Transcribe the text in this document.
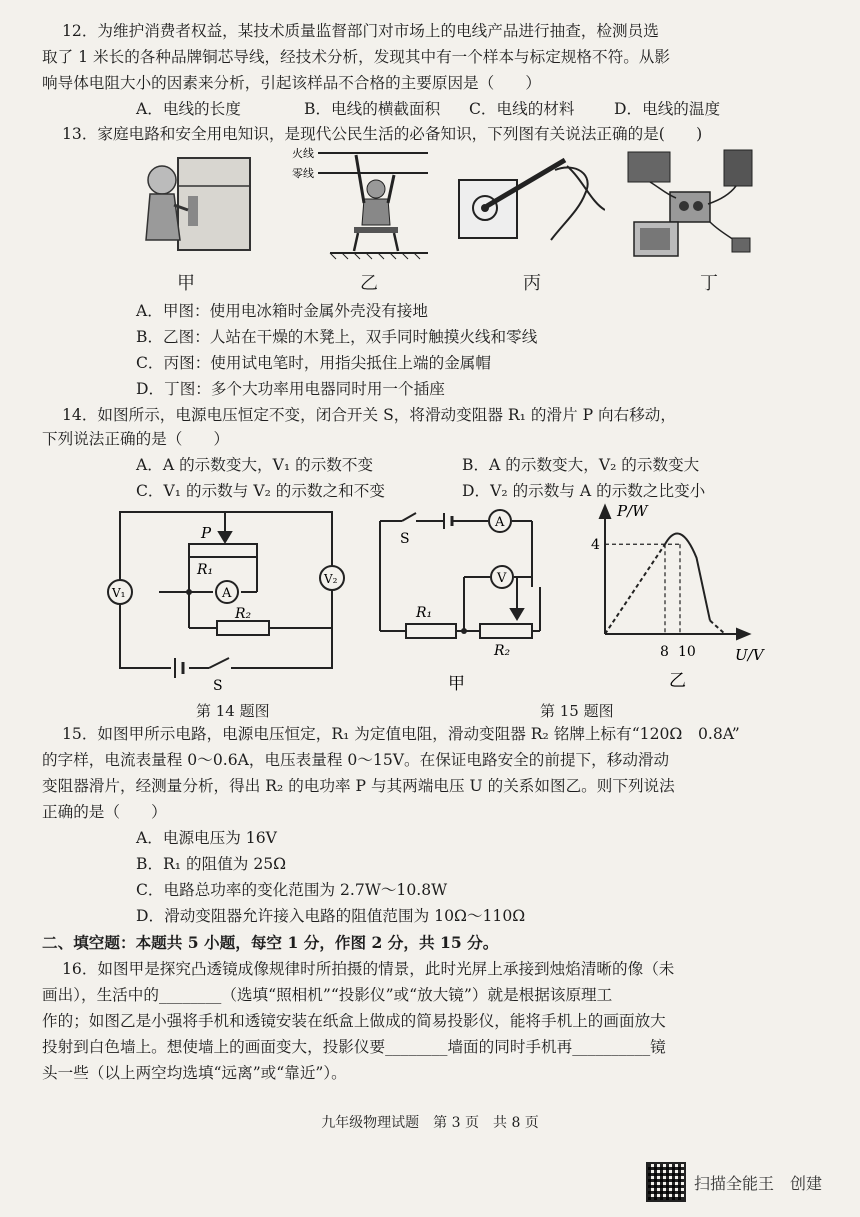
12．为维护消费者权益，某技术质量监督部门对市场上的电线产品进行抽查，检测员选
取了 1 米长的各种品牌铜芯导线，经技术分析，发现其中有一个样本与标定规格不符。从影
响导体电阻大小的因素来分析，引起该样品不合格的主要原因是（　　）
A．电线的长度	B．电线的横截面积 C．电线的材料	D．电线的温度
13．家庭电路和安全用电知识，是现代公民生活的必备知识，下列图有关说法正确的是(　　)
甲
火线
零线
乙	丙	丁
A．甲图：使用电冰箱时金属外壳没有接地
B．乙图：人站在干燥的木凳上，双手同时触摸火线和零线
C．丙图：使用试电笔时，用指尖抵住上端的金属帽
D．丁图：多个大功率用电器同时用一个插座
14．如图所示，电源电压恒定不变，闭合开关 S，将滑动变阻器 R₁ 的滑片 P 向右移动，
下列说法正确的是（　　）
A．A 的示数变大，V₁ 的示数不变	B．A 的示数变大，V₂ 的示数变大
C．V₁ 的示数与 V₂ 的示数之和不变	D．V₂ 的示数与 A 的示数之比变小
A
V₁
V₂
P
R₁
R₂
S
A
V
S
R₁
R₂
甲
P/W
U/V
4
8 10
乙
第 14 题图	第 15 题图
15．如图甲所示电路，电源电压恒定，R₁ 为定值电阻，滑动变阻器 R₂ 铭牌上标有“120Ω　0.8A”
的字样，电流表量程 0～0.6A，电压表量程 0～15V。在保证电路安全的前提下，移动滑动
变阻器滑片，经测量分析，得出 R₂ 的电功率 P 与其两端电压 U 的关系如图乙。则下列说法
正确的是（　　）
A．电源电压为 16V
B．R₁ 的阻值为 25Ω
C．电路总功率的变化范围为 2.7W～10.8W
D．滑动变阻器允许接入电路的阻值范围为 10Ω～110Ω
二、填空题：本题共 5 小题，每空 1 分，作图 2 分，共 15 分。
16．如图甲是探究凸透镜成像规律时所拍摄的情景，此时光屏上承接到烛焰清晰的像（未
画出），生活中的________（选填“照相机”“投影仪”或“放大镜”）就是根据该原理工
作的；如图乙是小强将手机和透镜安装在纸盒上做成的简易投影仪，能将手机上的画面放大
投射到白色墙上。想使墙上的画面变大，投影仪要________墙面的同时手机再__________镜
头一些（以上两空均选填“远离”或“靠近”）。
九年级物理试题　第 3 页　共 8 页
扫描全能王　创建
